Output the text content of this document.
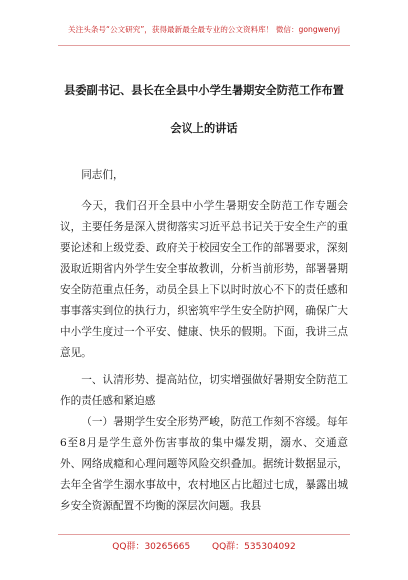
关注头条号“公文研究”，获得最新最全最专业的公文资料库！ 微信：gongwenyj
县委副书记、县长在全县中小学生暑期安全防范工作布置
会议上的讲话

同志们，

今天，我们召开全县中小学生暑期安全防范工作专题会议，主要任务是深入贯彻落实习近平总书记关于安全生产的重要论述和上级党委、政府关于校园安全工作的部署要求，深刻汲取近期省内外学生安全事故教训，分析当前形势，部署暑期安全防范重点任务，动员全县上下以时时放心不下的责任感和事事落实到位的执行力，织密筑牢学生安全防护网，确保广大中小学生度过一个平安、健康、快乐的假期。下面，我讲三点意见。

一、认清形势、提高站位，切实增强做好暑期安全防范工作的责任感和紧迫感

（一）暑期学生安全形势严峻，防范工作刻不容缓。每年6至8月是学生意外伤害事故的集中爆发期，溺水、交通意外、网络成瘾和心理问题等风险交织叠加。据统计数据显示，去年全省学生溺水事故中，农村地区占比超过七成，暴露出城乡安全资源配置不均衡的深层次问题。我县

QQ群：30265665 QQ群：535304092
